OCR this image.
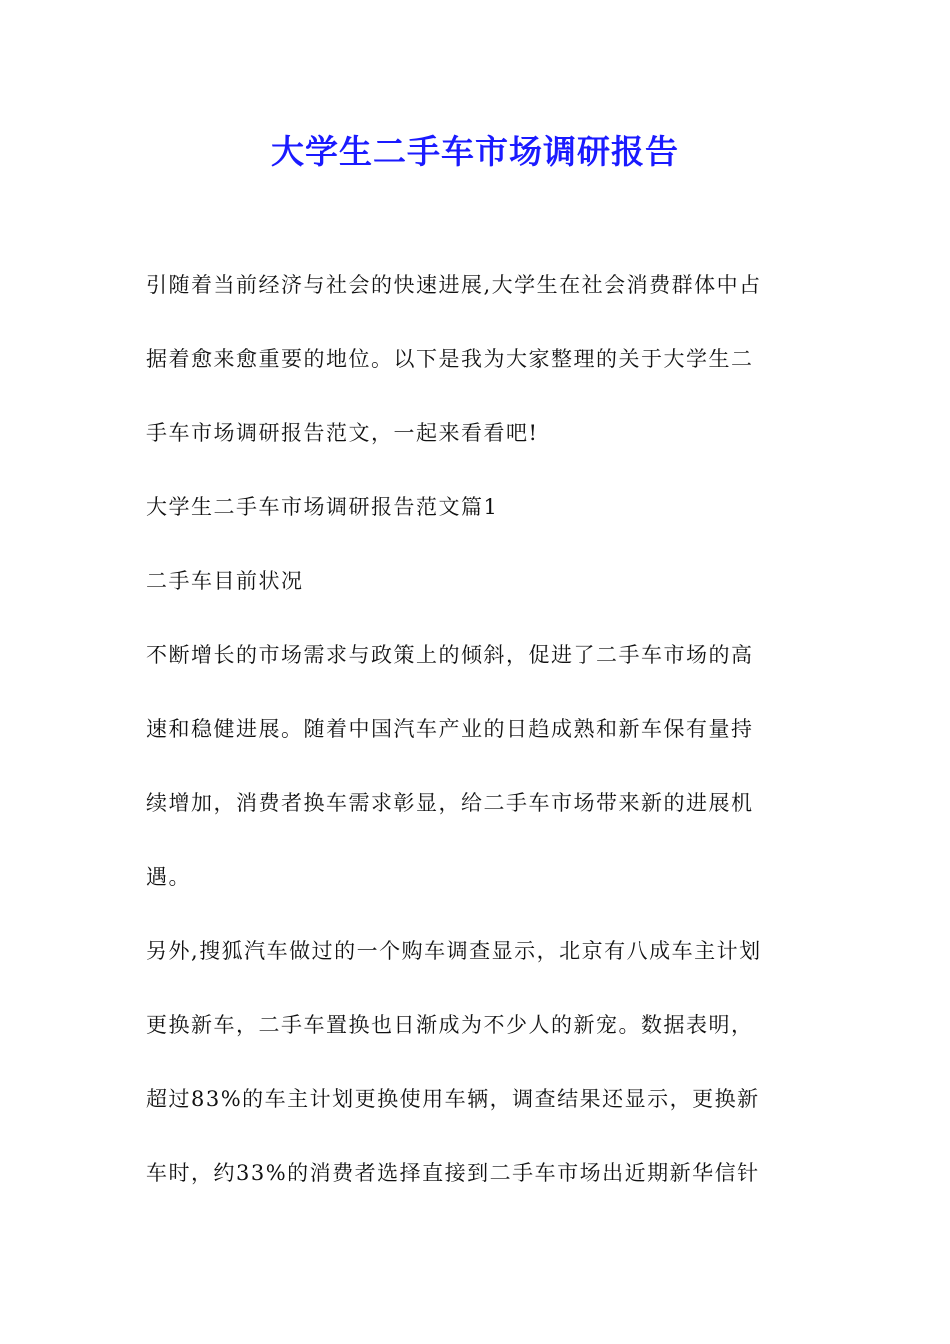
大学生二手车市场调研报告
引随着当前经济与社会的快速进展,大学生在社会消费群体中占
据着愈来愈重要的地位。以下是我为大家整理的关于大学生二
手车市场调研报告范文，一起来看看吧!
大学生二手车市场调研报告范文篇1
二手车目前状况
不断增长的市场需求与政策上的倾斜，促进了二手车市场的高
速和稳健进展。随着中国汽车产业的日趋成熟和新车保有量持
续增加，消费者换车需求彰显，给二手车市场带来新的进展机
遇。
另外,搜狐汽车做过的一个购车调查显示，北京有八成车主计划
更换新车，二手车置换也日渐成为不少人的新宠。数据表明，
超过83%的车主计划更换使用车辆，调查结果还显示，更换新
车时，约33%的消费者选择直接到二手车市场出近期新华信针
